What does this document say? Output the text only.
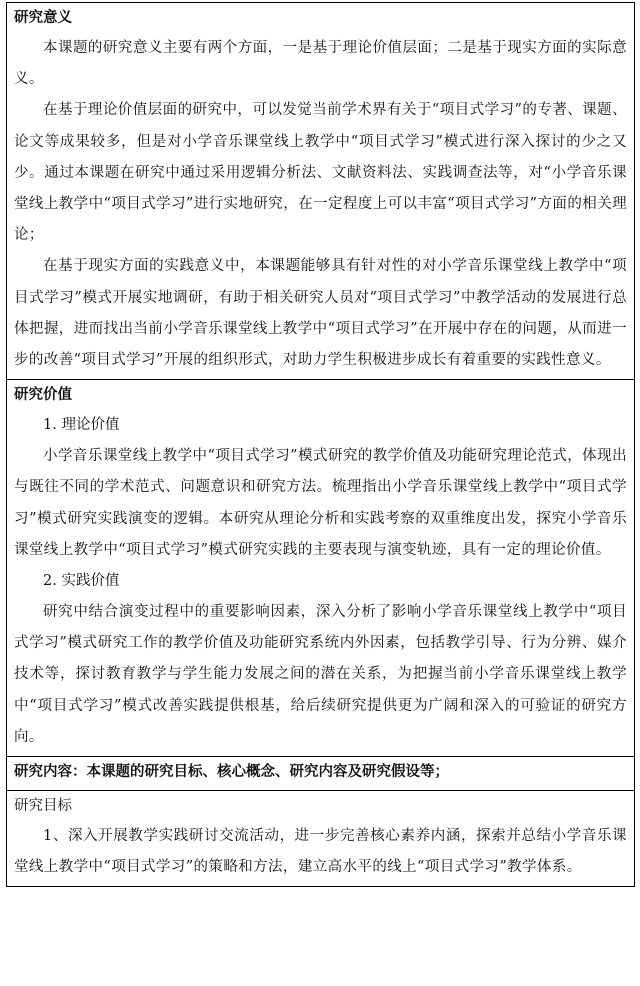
研究意义

本课题的研究意义主要有两个方面，一是基于理论价值层面；二是基于现实方面的实际意义。

在基于理论价值层面的研究中，可以发觉当前学术界有关于“项目式学习”的专著、课题、论文等成果较多，但是对小学音乐课堂线上教学中“项目式学习”模式进行深入探讨的少之又少。通过本课题在研究中通过采用逻辑分析法、文献资料法、实践调查法等，对“小学音乐课堂线上教学中“项目式学习”进行实地研究，在一定程度上可以丰富“项目式学习”方面的相关理论；

在基于现实方面的实践意义中，本课题能够具有针对性的对小学音乐课堂线上教学中“项目式学习”模式开展实地调研，有助于相关研究人员对“项目式学习”中教学活动的发展进行总体把握，进而找出当前小学音乐课堂线上教学中“项目式学习”在开展中存在的问题，从而进一步的改善“项目式学习”开展的组织形式，对助力学生积极进步成长有着重要的实践性意义。

研究价值
1. 理论价值

小学音乐课堂线上教学中“项目式学习”模式研究的教学价值及功能研究理论范式，体现出与既往不同的学术范式、问题意识和研究方法。梳理指出小学音乐课堂线上教学中“项目式学习”模式研究实践演变的逻辑。本研究从理论分析和实践考察的双重维度出发，探究小学音乐课堂线上教学中“项目式学习”模式研究实践的主要表现与演变轨迹，具有一定的理论价值。

2. 实践价值

研究中结合演变过程中的重要影响因素，深入分析了影响小学音乐课堂线上教学中“项目式学习”模式研究工作的教学价值及功能研究系统内外因素，包括教学引导、行为分辨、媒介技术等，探讨教育教学与学生能力发展之间的潜在关系，为把握当前小学音乐课堂线上教学中“项目式学习”模式改善实践提供根基，给后续研究提供更为广阔和深入的可验证的研究方向。

研究内容：本课题的研究目标、核心概念、研究内容及研究假设等；

研究目标

1、深入开展教学实践研讨交流活动，进一步完善核心素养内涵，探索并总结小学音乐课堂线上教学中“项目式学习”的策略和方法，建立高水平的线上“项目式学习”教学体系。
